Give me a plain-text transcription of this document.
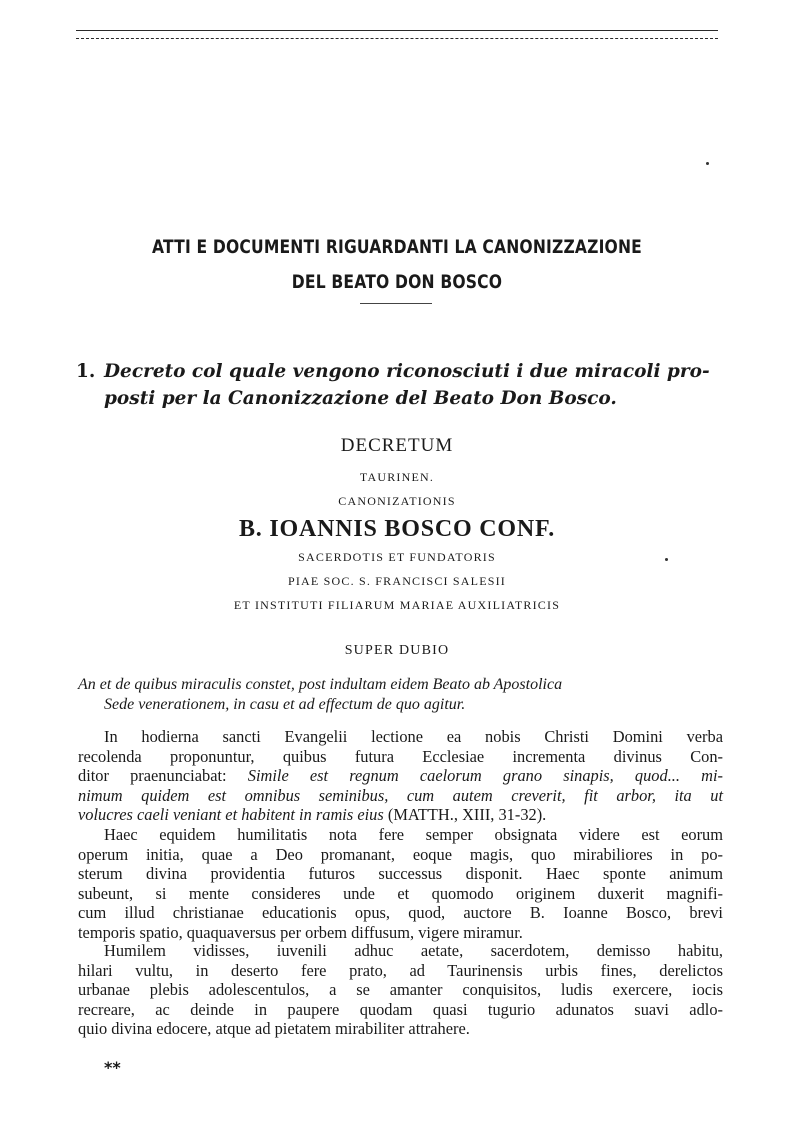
ATTI E DOCUMENTI RIGUARDANTI LA CANONIZZAZIONE
DEL BEATO DON BOSCO
1. Decreto col quale vengono riconosciuti i due miracoli pro-
posti per la Canonizzazione del Beato Don Bosco.
DECRETUM
TAURINEN.
CANONIZATIONIS
B. IOANNIS BOSCO CONF.
SACERDOTIS ET FUNDATORIS
PIAE SOC. S. FRANCISCI SALESII
ET INSTITUTI FILIARUM MARIAE AUXILIATRICIS
SUPER DUBIO
An et de quibus miraculis constet, post indultam eidem Beato ab Apostolica
Sede venerationem, in casu et ad effectum de quo agitur.
In hodierna sancti Evangelii lectione ea nobis Christi Domini verba
recolenda proponuntur, quibus futura Ecclesiae incrementa divinus Con-
ditor praenunciabat: Simile est regnum caelorum grano sinapis, quod... mi-
nimum quidem est omnibus seminibus, cum autem creverit, fit arbor, ita ut
volucres caeli veniant et habitent in ramis eius (MATTH., XIII, 31-32).
Haec equidem humilitatis nota fere semper obsignata videre est eorum
operum initia, quae a Deo promanant, eoque magis, quo mirabiliores in po-
sterum divina providentia futuros successus disponit. Haec sponte animum
subeunt, si mente consideres unde et quomodo originem duxerit magnifi-
cum illud christianae educationis opus, quod, auctore B. Ioanne Bosco, brevi
temporis spatio, quaquaversus per orbem diffusum, vigere miramur.
Humilem vidisses, iuvenili adhuc aetate, sacerdotem, demisso habitu,
hilari vultu, in deserto fere prato, ad Taurinensis urbis fines, derelictos
urbanae plebis adolescentulos, a se amanter conquisitos, ludis exercere, iocis
recreare, ac deinde in paupere quodam quasi tugurio adunatos suavi adlo-
quio divina edocere, atque ad pietatem mirabiliter attrahere.
**
